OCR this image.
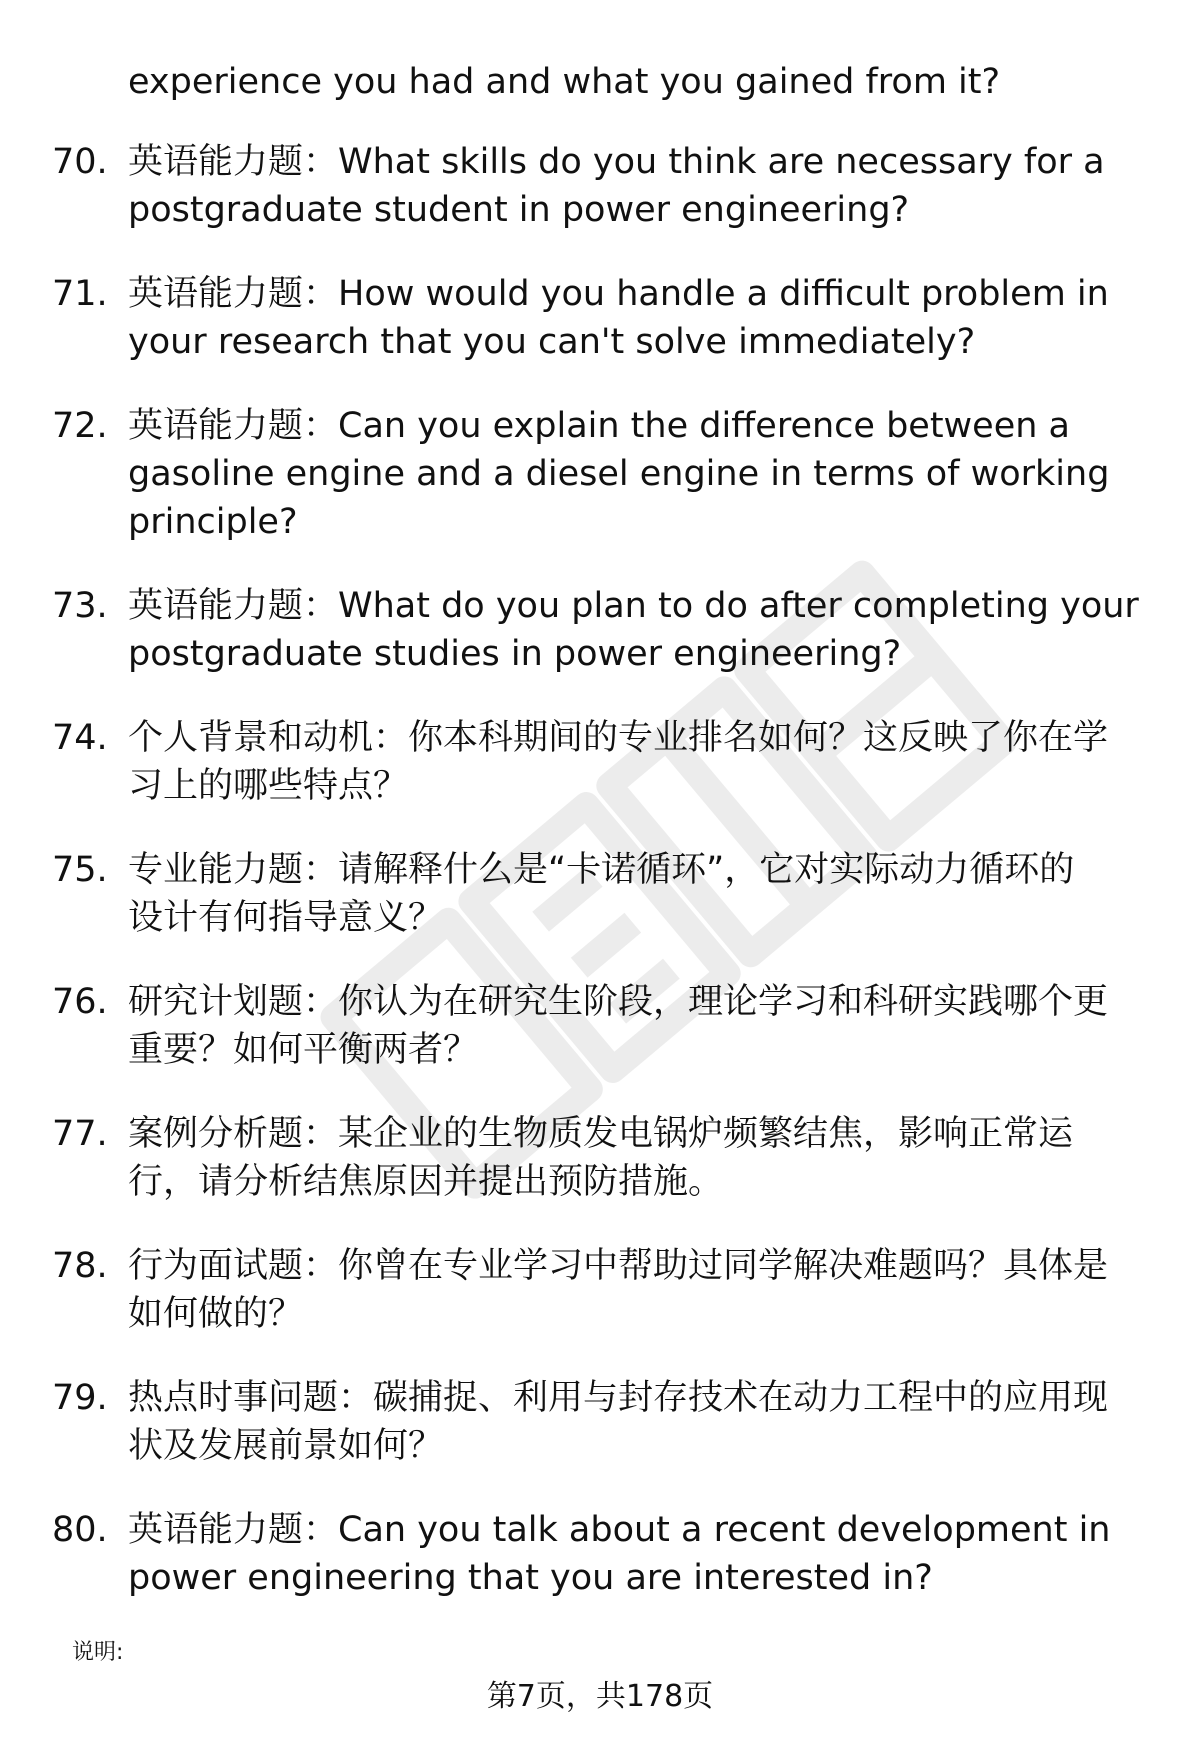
experience you had and what you gained from it?
70. 英语能力题：What skills do you think are necessary for a
postgraduate student in power engineering?
71. 英语能力题：How would you handle a difficult problem in
your research that you can't solve immediately?
72. 英语能力题：Can you explain the difference between a
gasoline engine and a diesel engine in terms of working
principle?
73. 英语能力题：What do you plan to do after completing your
postgraduate studies in power engineering?
74. 个人背景和动机：你本科期间的专业排名如何？这反映了你在学
习上的哪些特点？
75. 专业能力题：请解释什么是“卡诺循环”，它对实际动力循环的
设计有何指导意义？
76. 研究计划题：你认为在研究生阶段，理论学习和科研实践哪个更
重要？如何平衡两者？
77. 案例分析题：某企业的生物质发电锅炉频繁结焦，影响正常运
行，请分析结焦原因并提出预防措施。
78. 行为面试题：你曾在专业学习中帮助过同学解决难题吗？具体是
如何做的？
79. 热点时事问题：碳捕捉、利用与封存技术在动力工程中的应用现
状及发展前景如何？
80. 英语能力题：Can you talk about a recent development in
power engineering that you are interested in?
说明:
第7页，共178页
